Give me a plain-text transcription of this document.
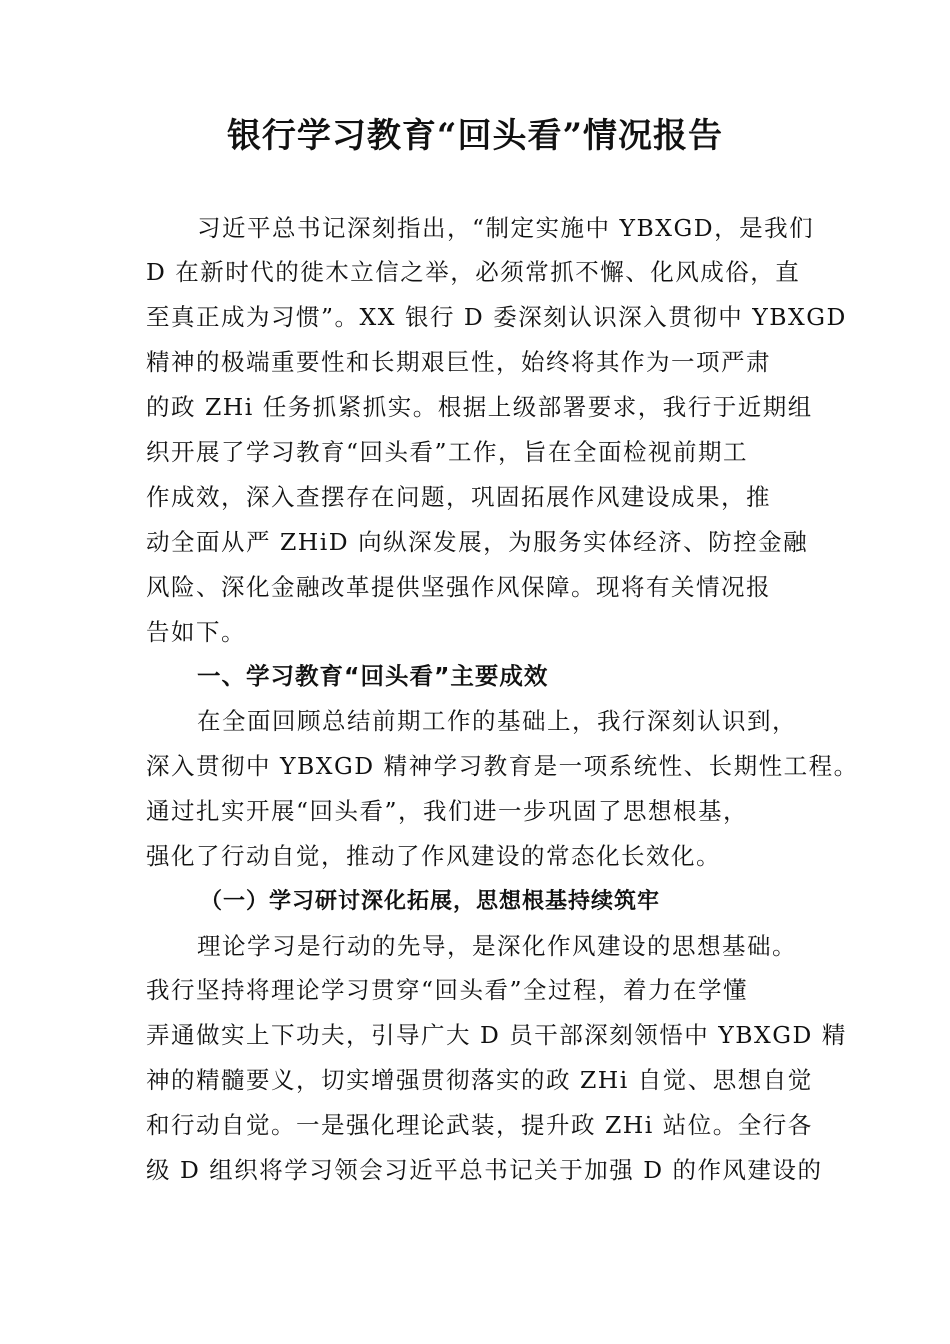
银行学习教育“回头看”情况报告

习近平总书记深刻指出，“制定实施中 YBXGD，是我们

D 在新时代的徙木立信之举，必须常抓不懈、化风成俗，直

至真正成为习惯”。XX 银行 D 委深刻认识深入贯彻中 YBXGD

精神的极端重要性和长期艰巨性，始终将其作为一项严肃

的政 ZHi 任务抓紧抓实。根据上级部署要求，我行于近期组

织开展了学习教育“回头看”工作，旨在全面检视前期工

作成效，深入查摆存在问题，巩固拓展作风建设成果，推

动全面从严 ZHiD 向纵深发展，为服务实体经济、防控金融

风险、深化金融改革提供坚强作风保障。现将有关情况报

告如下。

一、学习教育“回头看”主要成效

在全面回顾总结前期工作的基础上，我行深刻认识到，

深入贯彻中 YBXGD 精神学习教育是一项系统性、长期性工程。

通过扎实开展“回头看”，我们进一步巩固了思想根基，

强化了行动自觉，推动了作风建设的常态化长效化。

（一）学习研讨深化拓展，思想根基持续筑牢

理论学习是行动的先导，是深化作风建设的思想基础。

我行坚持将理论学习贯穿“回头看”全过程，着力在学懂

弄通做实上下功夫，引导广大 D 员干部深刻领悟中 YBXGD 精

神的精髓要义，切实增强贯彻落实的政 ZHi 自觉、思想自觉

和行动自觉。一是强化理论武装，提升政 ZHi 站位。全行各

级 D 组织将学习领会习近平总书记关于加强 D 的作风建设的
